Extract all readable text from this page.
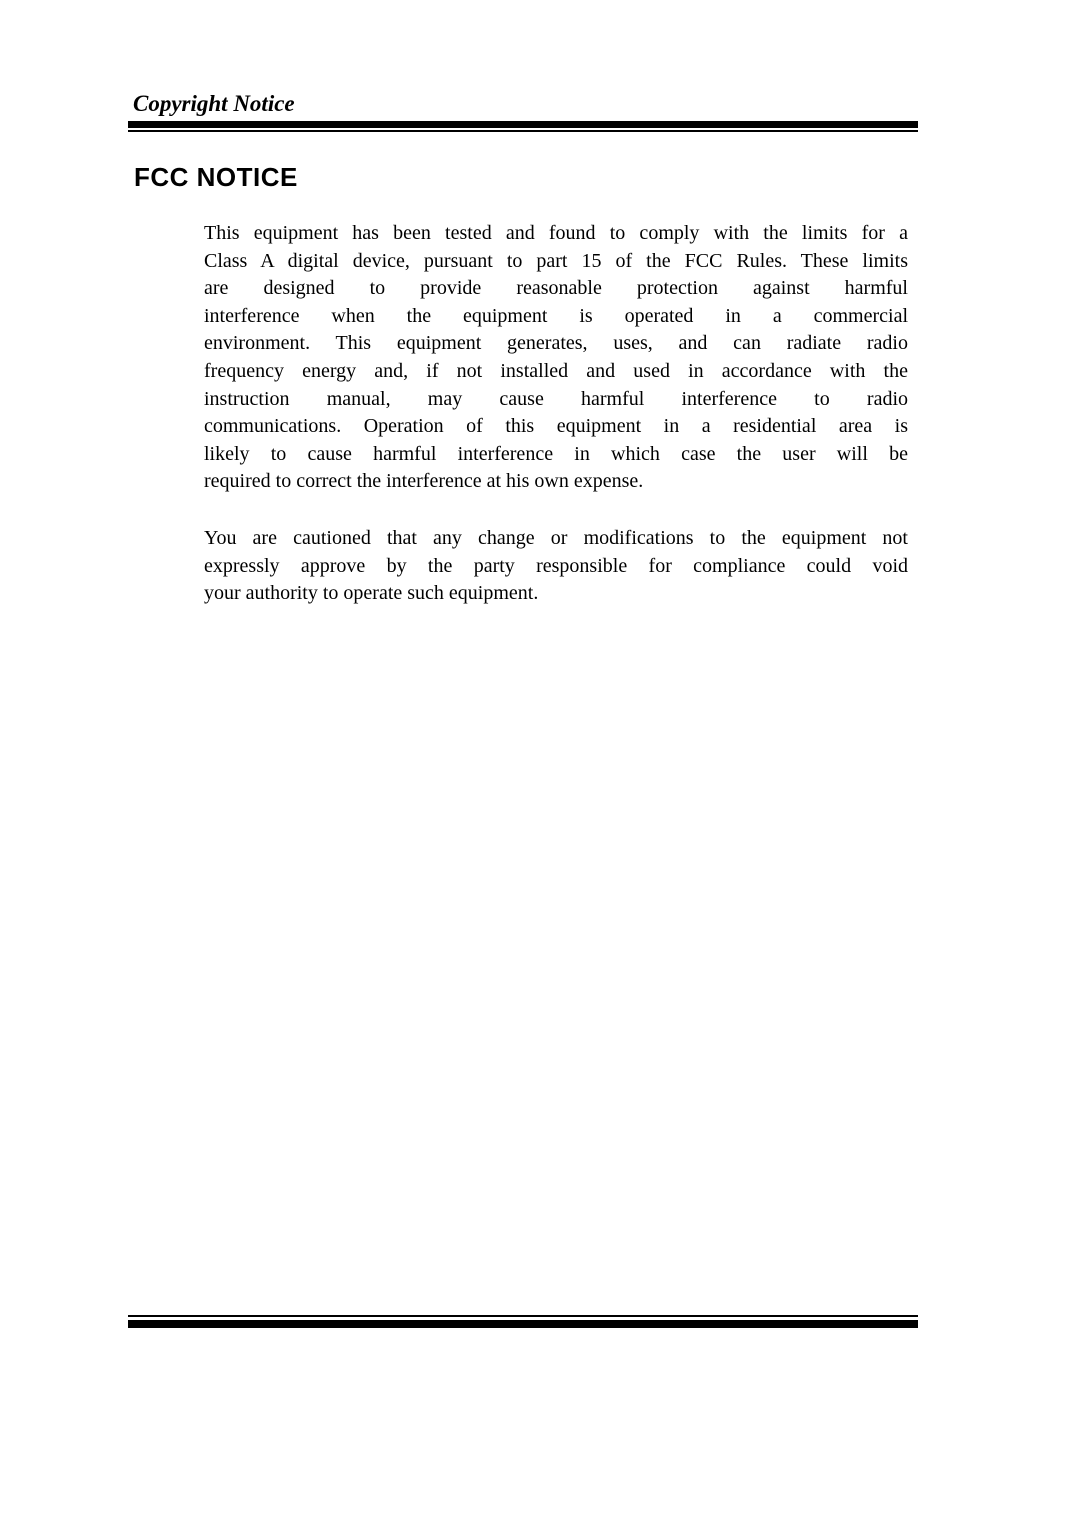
Copyright Notice
FCC NOTICE
This equipment has been tested and found to comply with the limits for a
Class A digital device, pursuant to part 15 of the FCC Rules. These limits
are designed to provide reasonable protection against harmful
interference when the equipment is operated in a commercial
environment. This equipment generates, uses, and can radiate radio
frequency energy and, if not installed and used in accordance with the
instruction manual, may cause harmful interference to radio
communications. Operation of this equipment in a residential area is
likely to cause harmful interference in which case the user will be
required to correct the interference at his own expense.
You are cautioned that any change or modifications to the equipment not
expressly approve by the party responsible for compliance could void
your authority to operate such equipment.
